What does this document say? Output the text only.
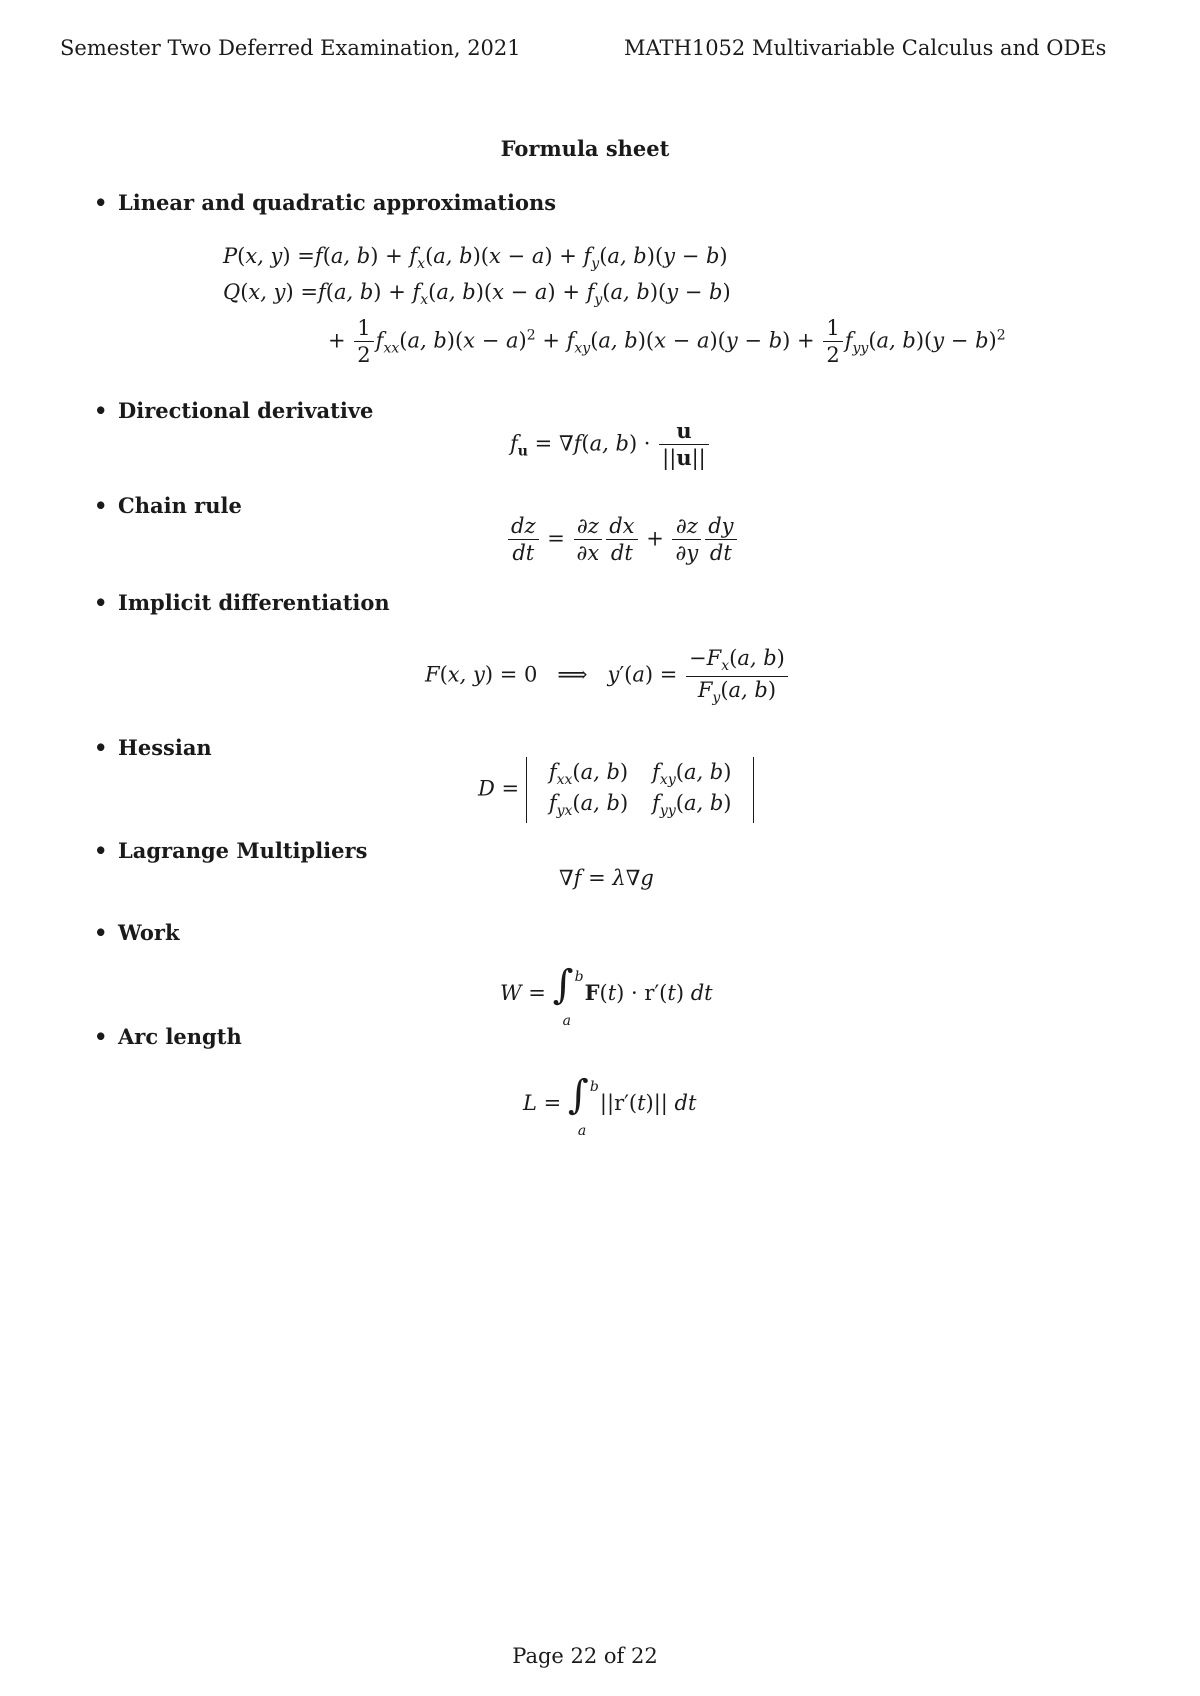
Semester Two Deferred Examination, 2021	MATH1052 Multivariable Calculus and ODEs
Formula sheet
• Linear and quadratic approximations
P(x, y) =f(a, $b) + f_x(a$, $b)(x - a) + f_y(a$, b)(y − b)
Q(x, y) =f(a, $b) + f_x(a$, $b)(x - a) + f_y(a$, b)(y − b)
+ $\frac{1}{2} f_{xx}(a$, $b)(x - a)^2 + f_{xy}(a$, $b)(x - a)(y - b) + \frac{1}{2} f_{yy}(a$, $b)(y - b)^2$
• Directional derivative
$f_u = \nabla f(a$, $b) \cdot \frac{u}{||u||}$
• Chain rule
$\frac{dz}{dt} = \frac{\partial z}{\partial x} \frac{dx}{dt} + \frac{\partial z}{\partial y} \frac{dy}{dt}$
• Implicit differentiation
F(x, y) = 0   ⟹   $y'(a) = \frac{-F_x(a, b)}{F_y(a, b)}$
• Hessian
D =
$f_{xx}(a$, b)	$f_{xy}(a$, b)
$f_{yx}(a$, b)	$f_{yy}(a$, b)
• Lagrange Multipliers
∇f = λ∇g
• Work
W = ∫ b
a
F(t) · r′(t) dt
• Arc length
L = ∫ b
a
||r′(t)|| dt
Page 22 of 22
